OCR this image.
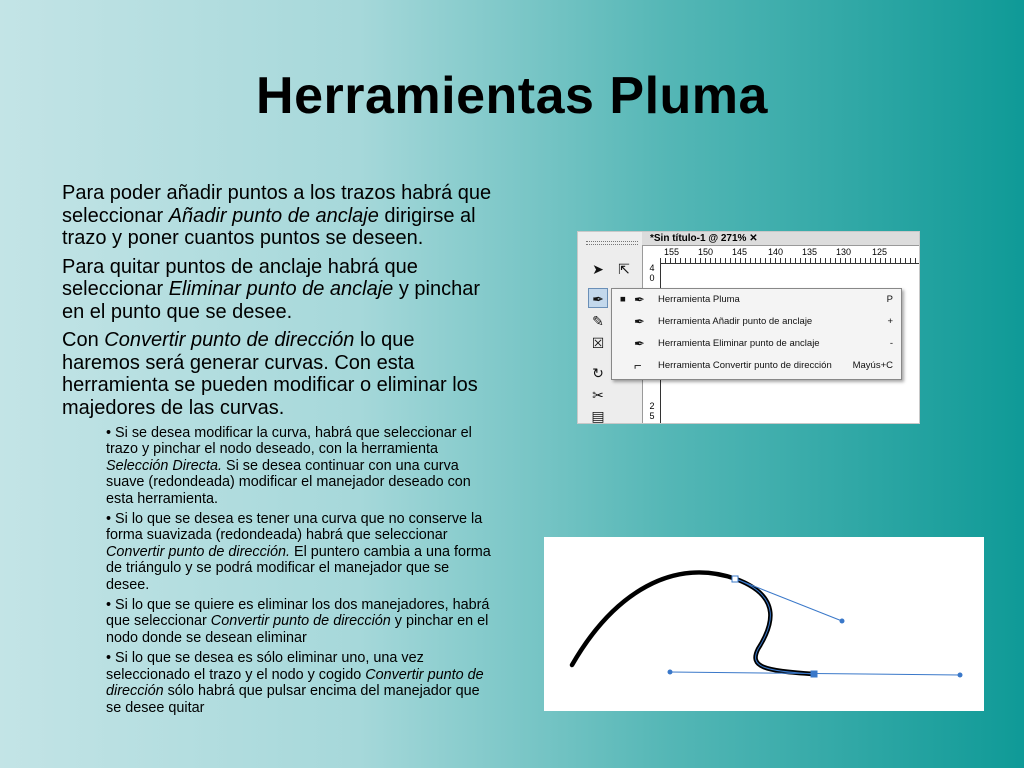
Herramientas Pluma

Para poder añadir puntos a los trazos habrá que seleccionar Añadir punto de anclaje dirigirse al trazo y poner cuantos puntos se deseen.

Para quitar puntos de anclaje habrá que seleccionar Eliminar punto de anclaje y pinchar en el punto que se desee.

Con Convertir punto de dirección lo que haremos será generar curvas. Con esta herramienta se pueden modificar o eliminar los majedores de las curvas.

• Si se desea modificar la curva, habrá que seleccionar el trazo y pinchar el nodo deseado, con la herramienta Selección Directa. Si se desea continuar con una curva suave (redondeada) modificar el manejador deseado con esta herramienta.

• Si lo que se desea es tener una curva que no conserve la forma suavizada (redondeada) habrá que seleccionar Convertir punto de dirección. El puntero cambia a una forma de triángulo y se podrá modificar el manejador que se desee.

• Si lo que se quiere es eliminar los dos manejadores, habrá que seleccionar Convertir punto de dirección y pinchar en el nodo donde se desean eliminar

• Si lo que se desea es sólo eliminar uno, una vez seleccionado el trazo y el nodo y cogido Convertir punto de dirección sólo habrá que pulsar encima del manejador que se desee quitar

➤ ⇱
✒
✎
☒
↻
✂
▤
*Sin título-1 @ 271% ✕
155 150 145 140 135 130 125
4
0
2
5
■ ✒ Herramienta Pluma	P
✒ Herramienta Añadir punto de anclaje	+
✒ Herramienta Eliminar punto de anclaje	-
⌐ Herramienta Convertir punto de dirección Mayús+C
